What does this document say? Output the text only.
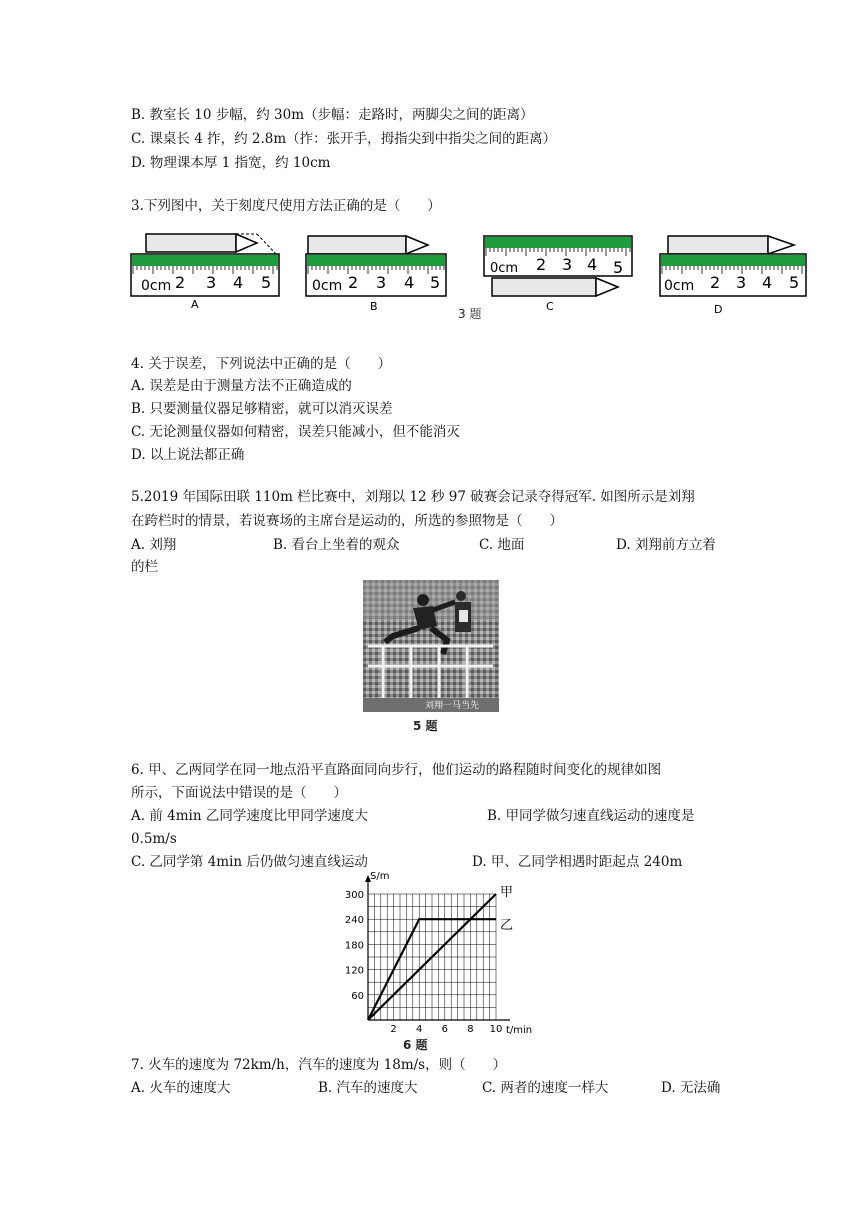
B. 教室长 10 步幅，约 30m（步幅：走路时，两脚尖之间的距离）
C. 课桌长 4 拃，约 2.8m（拃：张开手，拇指尖到中指尖之间的距离）
D. 物理课本厚 1 指宽，约 10cm
3.下列图中，关于刻度尺使用方法正确的是（　　）
0cm 2 3 4 5
A
0cm 2 3 4 5
B
0cm 2 3 4 5
C
0cm 2 3 4 5
D
3 题
4. 关于误差，下列说法中正确的是（　　）
A. 误差是由于测量方法不正确造成的
B. 只要测量仪器足够精密，就可以消灭误差
C. 无论测量仪器如何精密，误差只能减小，但不能消灭
D. 以上说法都正确
5.2019 年国际田联 110m 栏比赛中，刘翔以 12 秒 97 破赛会记录夺得冠军. 如图所示是刘翔
在跨栏时的情景，若说赛场的主席台是运动的，所选的参照物是（　　）
A. 刘翔	B. 看台上坐着的观众	C. 地面	D. 刘翔前方立着
的栏
刘翔一马当先
5 题
6. 甲、乙两同学在同一地点沿平直路面同向步行，他们运动的路程随时间变化的规律如图
所示，下面说法中错误的是（　　）
A. 前 4min 乙同学速度比甲同学速度大	B. 甲同学做匀速直线运动的速度是
0.5m/s
C. 乙同学第 4min 后仍做匀速直线运动	D. 甲、乙同学相遇时距起点 240m
60
120
180
240
300
2 4 6 8 10
S/m
t/min
甲
乙
6 题
7. 火车的速度为 72km/h，汽车的速度为 18m/s，则（　　）
A. 火车的速度大	B. 汽车的速度大	C. 两者的速度一样大	D. 无法确
